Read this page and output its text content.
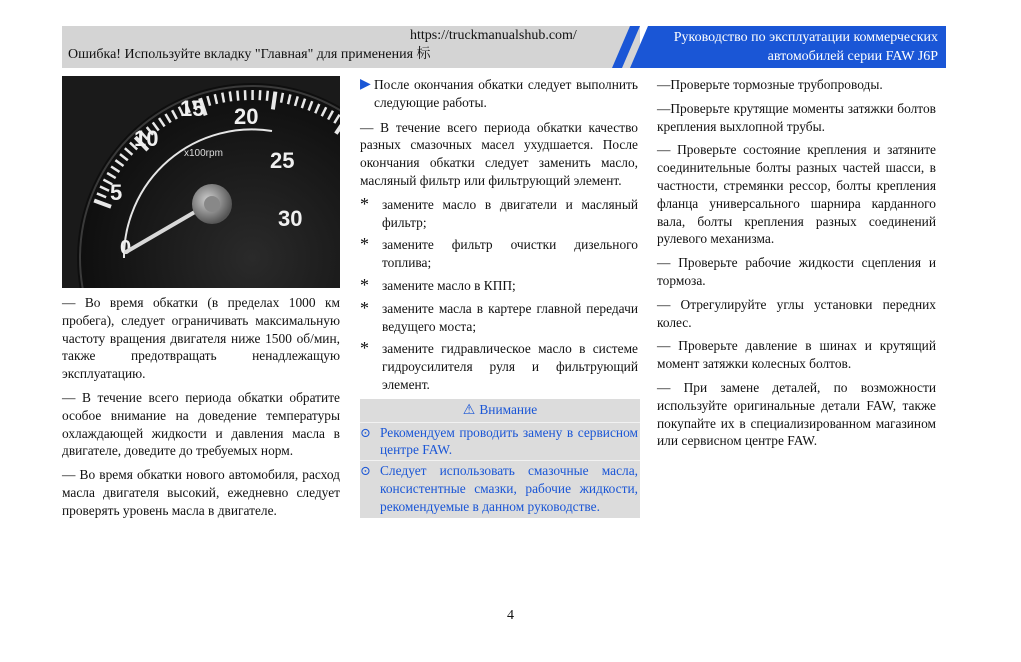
Ошибка! Используйте вкладку "Главная" для применения 标
https://truckmanualshub.com/	Руководство по эксплуатации коммерческих
автомобилей серии FAW J6P
5
10
15 20
25
30
0
x100rpm

— Во время обкатки (в пределах 1000 км пробега), следует ограничивать максимальную частоту вращения двигателя ниже 1500 об/мин, также предотвращать ненадлежащую эксплуатацию.

— В течение всего периода обкатки обратите особое внимание на доведение температуры охлаждающей жидкости и давления масла в двигателе, доведите до требуемых норм.

— Во время обкатки нового автомобиля, расход масла двигателя высокий, ежедневно следует проверять уровень масла в двигателе.

▶ После окончания обкатки следует выполнить следующие работы.

— В течение всего периода обкатки качество разных смазочных масел ухудшается. После окончания обкатки следует заменить масло, масляный фильтр или фильтрующий элемент.

* замените масло в двигатели и масляный фильтр;
* замените фильтр очистки дизельного топлива;
* замените масло в КПП;
* замените масла в картере главной передачи ведущего моста;
* замените гидравлическое масло в системе гидроусилителя руля и фильтрующий элемент.
⚠ Внимание
⊙ Рекомендуем проводить замену в сервисном центре FAW.
⊙ Следует использовать смазочные масла, консистентные смазки, рабочие жидкости, рекомендуемые в данном руководстве.

—Проверьте тормозные трубопроводы.

—Проверьте крутящие моменты затяжки болтов крепления выхлопной трубы.

— Проверьте состояние крепления и затяните соединительные болты разных частей шасси, в частности, стремянки рессор, болты крепления фланца универсального шарнира карданного вала, болты крепления разных соединений рулевого механизма.

— Проверьте рабочие жидкости сцепления и тормоза.

— Отрегулируйте углы установки передних колес.

— Проверьте давление в шинах и крутящий момент затяжки колесных болтов.

— При замене деталей, по возможности используйте оригинальные детали FAW, также покупайте их в специализированном магазином или сервисном центре FAW.

4
